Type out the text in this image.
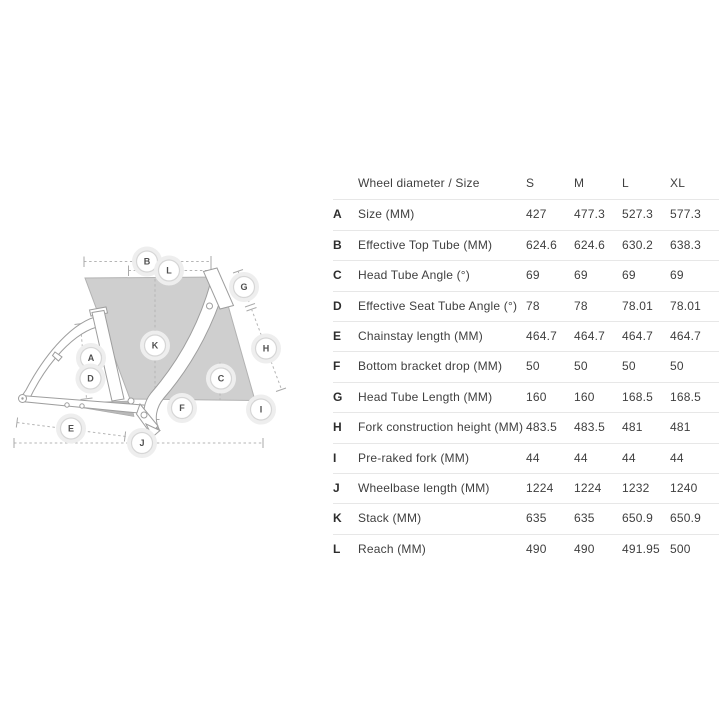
A
B
C
D
E
F
G
H
I
J
K
L
Wheel diameter / Size	S	M	L	XL
A	Size (MM)	427	477.3	527.3	577.3
B	Effective Top Tube (MM)	624.6	624.6	630.2	638.3
C	Head Tube Angle (°)	69	69	69	69
D	Effective Seat Tube Angle (°) 78	78	78.01	78.01
E	Chainstay length (MM)	464.7	464.7	464.7	464.7
F	Bottom bracket drop (MM)	50	50	50	50
G	Head Tube Length (MM)	160	160	168.5	168.5
H	Fork construction height (MM) 483.5	483.5	481	481
I	Pre-raked fork (MM)	44	44	44	44
J	Wheelbase length (MM)	1224	1224	1232	1240
K	Stack (MM)	635	635	650.9	650.9
L	Reach (MM)	490	490	491.95 500
